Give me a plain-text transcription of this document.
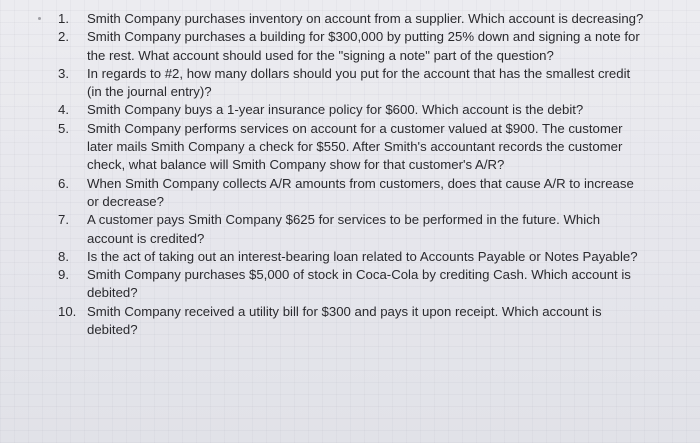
1.	Smith Company purchases inventory on account from a supplier. Which account is decreasing?
2.	Smith Company purchases a building for $300,000 by putting 25% down and signing a note for the rest. What account should used for the "signing a note" part of the question?
3.	In regards to #2, how many dollars should you put for the account that has the smallest credit (in the journal entry)?
4.	Smith Company buys a 1-year insurance policy for $600. Which account is the debit?
5.	Smith Company performs services on account for a customer valued at $900. The customer later mails Smith Company a check for $550. After Smith's accountant records the customer check, what balance will Smith Company show for that customer's A/R?
6.	When Smith Company collects A/R amounts from customers, does that cause A/R to increase or decrease?
7.	A customer pays Smith Company $625 for services to be performed in the future. Which account is credited?
8.	Is the act of taking out an interest-bearing loan related to Accounts Payable or Notes Payable?
9.	Smith Company purchases $5,000 of stock in Coca-Cola by crediting Cash. Which account is debited?
10. Smith Company received a utility bill for $300 and pays it upon receipt. Which account is debited?
